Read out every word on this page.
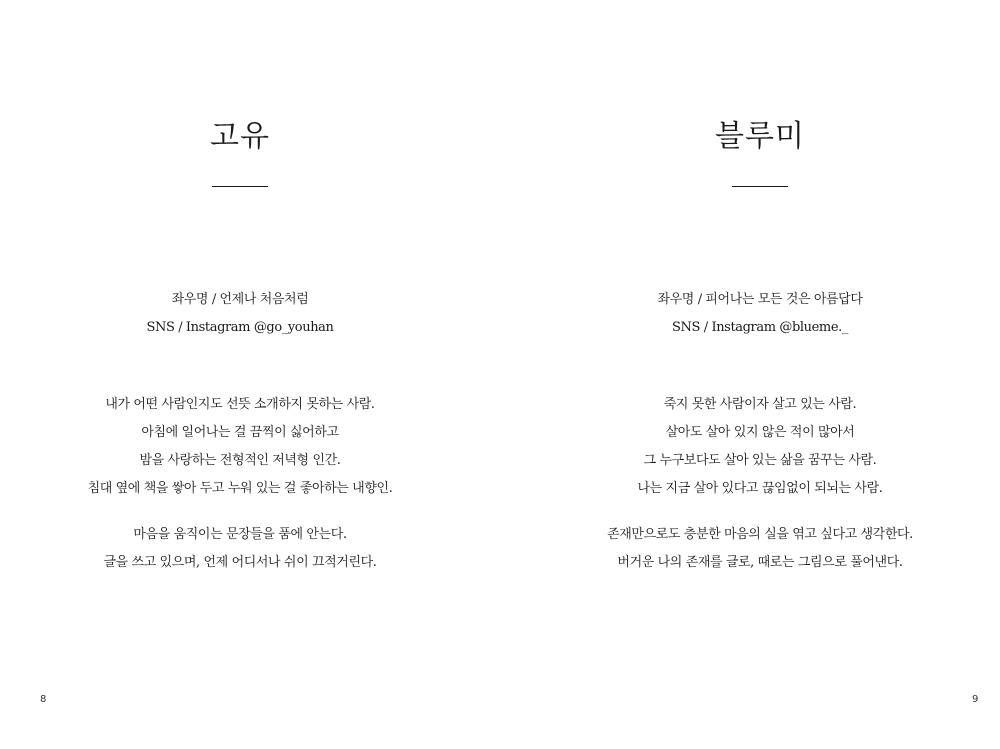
고유
좌우명 / 언제나 처음처럼
SNS / Instagram @go_youhan
내가 어떤 사람인지도 선뜻 소개하지 못하는 사람.
아침에 일어나는 걸 끔찍이 싫어하고
밤을 사랑하는 전형적인 저녁형 인간.
침대 옆에 책을 쌓아 두고 누워 있는 걸 좋아하는 내향인.
마음을 움직이는 문장들을 품에 안는다.
글을 쓰고 있으며, 언제 어디서나 쉬이 끄적거린다.
8
블루미
좌우명 / 피어나는 모든 것은 아름답다
SNS / Instagram @blueme._
죽지 못한 사람이자 살고 있는 사람.
살아도 살아 있지 않은 적이 많아서
그 누구보다도 살아 있는 삶을 꿈꾸는 사람.
나는 지금 살아 있다고 끊임없이 되뇌는 사람.
존재만으로도 충분한 마음의 실을 엮고 싶다고 생각한다.
버거운 나의 존재를 글로, 때로는 그림으로 풀어낸다.
9
